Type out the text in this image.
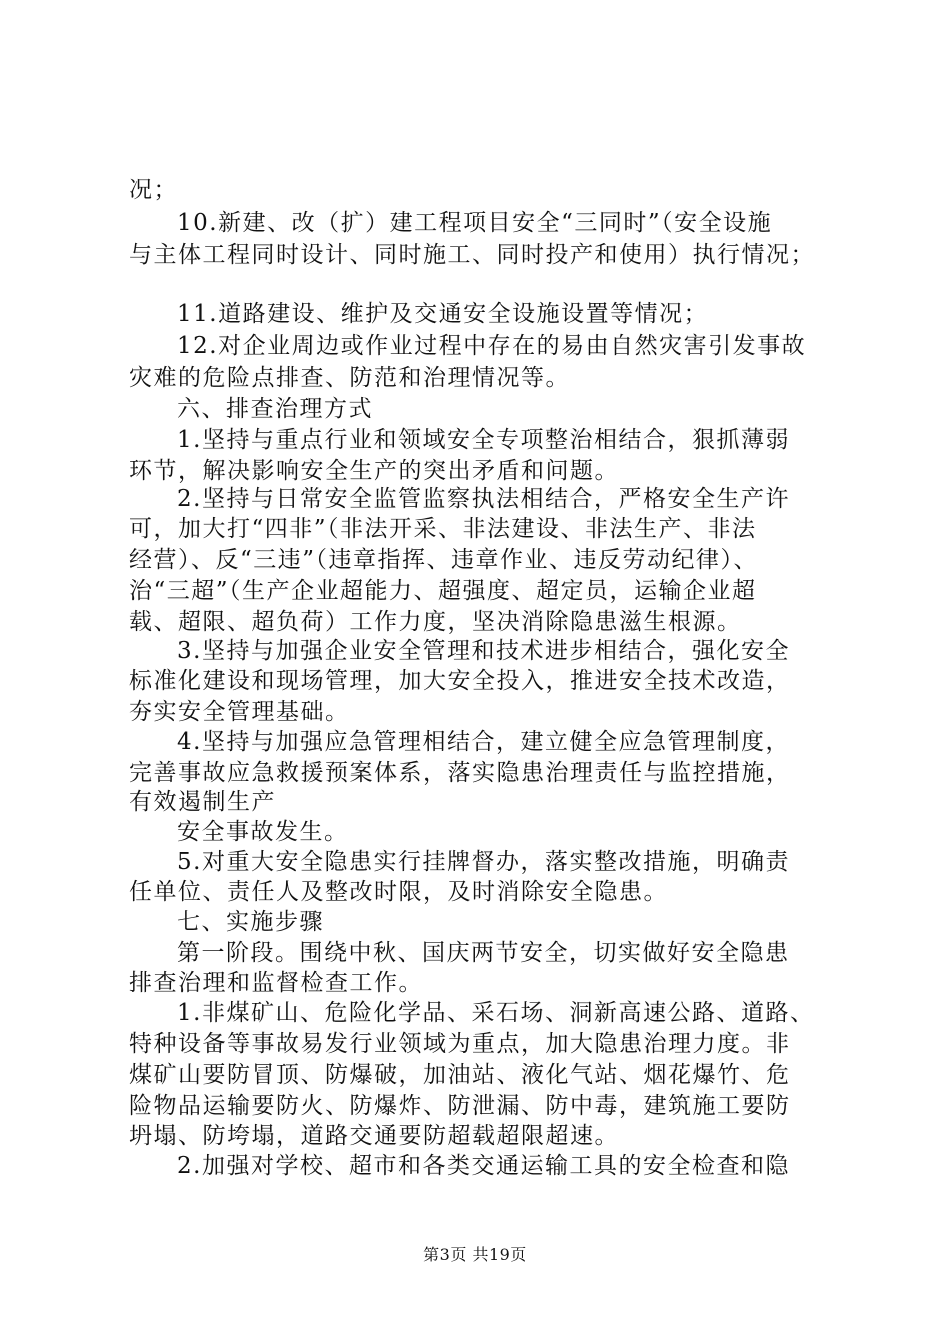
况；
10.新建、改（扩）建工程项目安全“三同时”（安全设施
与主体工程同时设计、同时施工、同时投产和使用）执行情况；
11.道路建设、维护及交通安全设施设置等情况；
12.对企业周边或作业过程中存在的易由自然灾害引发事故
灾难的危险点排查、防范和治理情况等。
六、排查治理方式
1.坚持与重点行业和领域安全专项整治相结合，狠抓薄弱
环节，解决影响安全生产的突出矛盾和问题。
2.坚持与日常安全监管监察执法相结合，严格安全生产许
可，加大打“四非”（非法开采、非法建设、非法生产、非法
经营）、反“三违”（违章指挥、违章作业、违反劳动纪律）、
治“三超”（生产企业超能力、超强度、超定员，运输企业超
载、超限、超负荷）工作力度，坚决消除隐患滋生根源。
3.坚持与加强企业安全管理和技术进步相结合，强化安全
标准化建设和现场管理，加大安全投入，推进安全技术改造，
夯实安全管理基础。
4.坚持与加强应急管理相结合，建立健全应急管理制度，
完善事故应急救援预案体系，落实隐患治理责任与监控措施，
有效遏制生产
安全事故发生。
5.对重大安全隐患实行挂牌督办，落实整改措施，明确责
任单位、责任人及整改时限，及时消除安全隐患。
七、实施步骤
第一阶段。围绕中秋、国庆两节安全，切实做好安全隐患
排查治理和监督检查工作。
1.非煤矿山、危险化学品、采石场、洞新高速公路、道路、
特种设备等事故易发行业领域为重点，加大隐患治理力度。非
煤矿山要防冒顶、防爆破，加油站、液化气站、烟花爆竹、危
险物品运输要防火、防爆炸、防泄漏、防中毒，建筑施工要防
坍塌、防垮塌，道路交通要防超载超限超速。
2.加强对学校、超市和各类交通运输工具的安全检查和隐
第3页 共19页
